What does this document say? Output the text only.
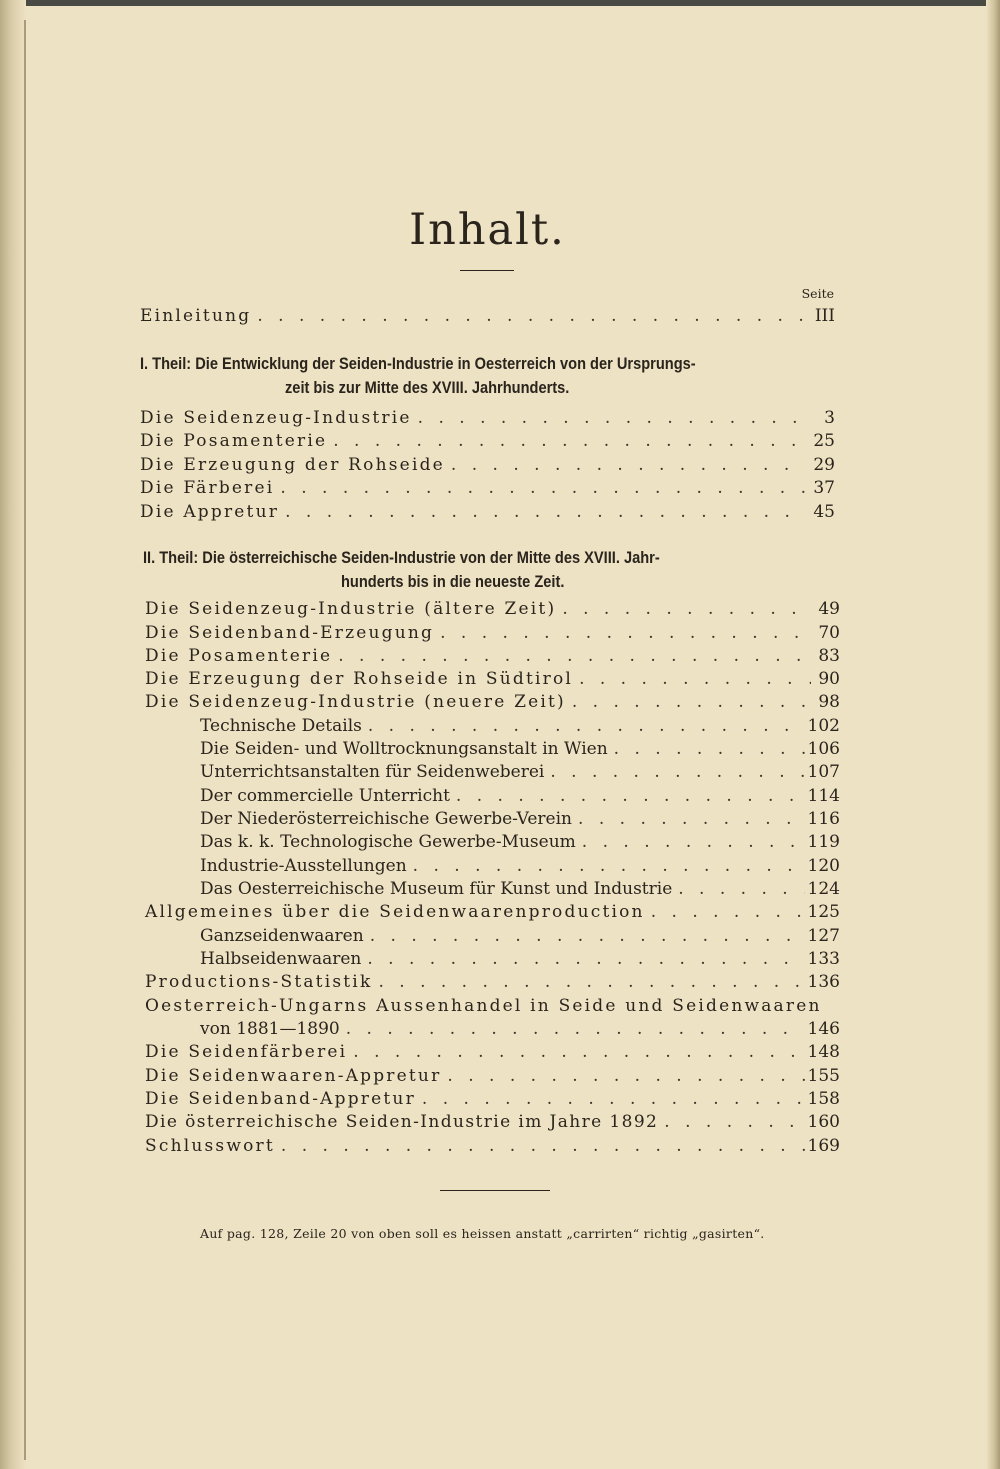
Inhalt.
Seite
Einleitung . . .	III
I. Theil: Die Entwicklung der Seiden-Industrie in Oesterreich von der Ursprungs-
zeit bis zur Mitte des XVIII. Jahrhunderts.
Die Seidenzeug-Industrie . . .	3
Die Posamenterie . . .	25
Die Erzeugung der Rohseide . . .	29
Die Färberei . . .	37
Die Appretur . . .	45
II. Theil: Die österreichische Seiden-Industrie von der Mitte des XVIII. Jahr-
hunderts bis in die neueste Zeit.
Die Seidenzeug-Industrie (ältere Zeit) . . .	49
Die Seidenband-Erzeugung . . .	70
Die Posamenterie . . .	83
Die Erzeugung der Rohseide in Südtirol . . .	90
Die Seidenzeug-Industrie (neuere Zeit) . . .	98
Technische Details . . .	102
Die Seiden- und Wolltrocknungsanstalt in Wien . . .	106
Unterrichtsanstalten für Seidenweberei . . .	107
Der commercielle Unterricht . . .	114
Der Niederösterreichische Gewerbe-Verein . . .	116
Das k. k. Technologische Gewerbe-Museum . . .	119
Industrie-Ausstellungen . . .	120
Das Oesterreichische Museum für Kunst und Industrie . . .	124
Allgemeines über die Seidenwaarenproduction . . .	125
Ganzseidenwaaren . . .	127
Halbseidenwaaren . . .	133
Productions-Statistik . . .	136
Oesterreich-Ungarns Aussenhandel in Seide und Seidenwaaren
von 1881—1890 . . .	146
Die Seidenfärberei . . .	148
Die Seidenwaaren-Appretur . . .	155
Die Seidenband-Appretur . . .	158
Die österreichische Seiden-Industrie im Jahre 1892 . . .	160
Schlusswort . . .	169
Auf pag. 128, Zeile 20 von oben soll es heissen anstatt „carrirten“ richtig „gasirten“.
